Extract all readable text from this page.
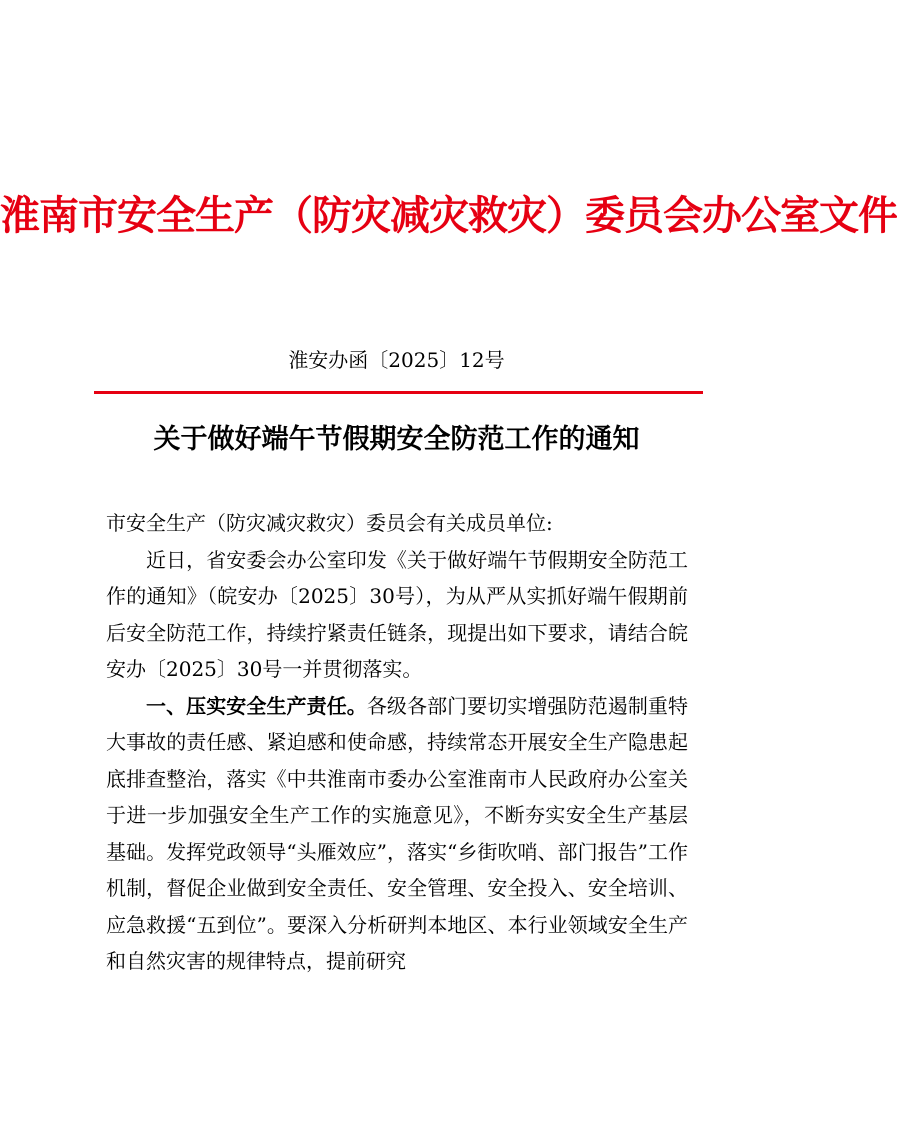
淮南市安全生产（防灾减灾救灾）委员会办公室文件
淮安办函〔2025〕12号
关于做好端午节假期安全防范工作的通知

市安全生产（防灾减灾救灾）委员会有关成员单位:

近日，省安委会办公室印发《关于做好端午节假期安全防范工作的通知》（皖安办〔2025〕30号），为从严从实抓好端午假期前后安全防范工作，持续拧紧责任链条，现提出如下要求，请结合皖安办〔2025〕30号一并贯彻落实。

一、压实安全生产责任。各级各部门要切实增强防范遏制重特大事故的责任感、紧迫感和使命感，持续常态开展安全生产隐患起底排查整治，落实《中共淮南市委办公室淮南市人民政府办公室关于进一步加强安全生产工作的实施意见》，不断夯实安全生产基层基础。发挥党政领导“头雁效应”，落实“乡街吹哨、部门报告”工作机制，督促企业做到安全责任、安全管理、安全投入、安全培训、应急救援“五到位”。要深入分析研判本地区、本行业领域安全生产和自然灾害的规律特点，提前研究
